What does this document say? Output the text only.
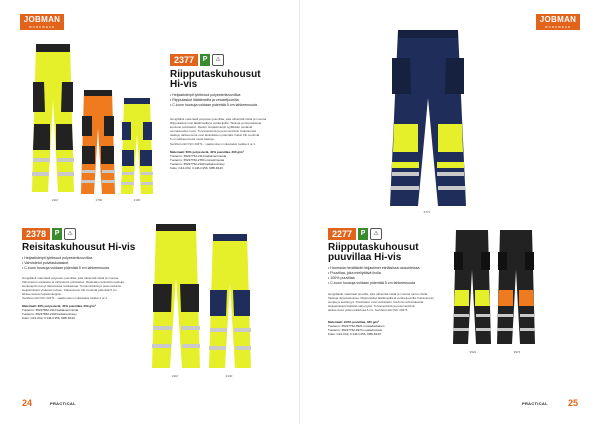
JOBMAN
WORKWEAR
2110	2780	2100
2377	P	⚠
Riipputaskuhousut
Hi-vis
• Heijastinteipit lyhtteoud polyesteriluvuvilloa
• Riipputaskut läätäimeilla ja vetoketjuonilla
• C-koon housuja voidaan pidentää 5 cm lahkeensuuta
Hengittävä materiaali polyester-puuvillaa, joka vähentää riskiä ja muotoa
Riipputaskut ovat läätäimeillä ja vetoketjuilla. Taskuja ja riipputaskuja
kuuluvat polvitaskut. Reidet. Heijastinteipit tyylikkään pestävät
ominaisuudet myös. Turvamerkintä ja pesumerkintä. Kaksoisreisi
taskuja, lahkeensuut ovat taskukäsien pidentää. Kaksi CE merkintä
5 cm lahkeensuuta muita taskuja.
Sertifioitu EN ISO 20471 - vaatimusten mukaiseksi luokka 2 ja 1.
Materiaali: 60% polyesteriä, 40% puuvillaa, 260 g/m²
Tuotenro: 65237762-2110 keltainen/musta
Tuotenro: 65237762-2780 oranssi/musta
Tuotenro: 65237762-2100 keltainen/navy
Koko: C44-C62, C146-C156, D88-D120
2378	P	⚠
Reisitaskuhousut Hi-vis
• Heijastinteipit lyhtteoud polyesteriluvuvilloa
• Vahvistetut polvitaskutasket
• C-koon housuja voidaan pidentää 5 cm lahkeensuuta
Hengittävä materiaali polyester-puuvillaa, joka vähentää riskiä ja muotoa
Vahvistetut reisitaskut ja vahvistetut polvitaskut. Reidetaku tarkoitettu taskuja,
kuuluvapolvi kevyt taksuitossa reisitaskuja. Turvamerkintä ja pesumerkintä.
Heijastinteipit yhdessä polvien. Kaksoisreisi CE merkintä pidentää 5 cm
lahkeensuuta heijastinteippiä.
Sertifioitu EN ISO 20471 - vaatimusten mukaiseksi luokka 2 ja 1.
Materiaali: 60% polyesteriä, 40% puuvillaa, 260 g/m²
Tuotenro: 65237862-2110 keltainen/musta
Tuotenro: 65237862-2100 keltainen/navy
Koko: C44-C62, C146-C156, D88-D120
2110	2100
24	PRACTICAL
JOBMAN
WORKWEAR
6771
2277	P	⚠
Riipputaskuhousut
puuvillaa Hi-vis
• Huomiota herättävät heijastimet eteläisissä olosuhteissa
• Puuvillaa, joka miellyttävä iholla
• 100% puuvillaa
• C-koon housuja voidaan pidentää 5 cm lahkeensuuta
Hengittävät materiaali puuvilla, joka vähentää riskiä ja muotoa tuntuu iholla.
Taskuja riipputaskuissa. Riipputaskut läätäimeillä ja vetoketjuonilla. Kaksoisreisi
suojaa ja kestävyys. Polvitaskut ovat vahvistettu Cordura-vahvistuksella.
Heijastinteipit lisäävät näkyvyyttä. Turvamerkintä ja pesumerkintä
lahkeensuut pidennettävissä 5 cm. Sertifioitu EN ISO 20471.
Materiaali: 100% puuvillaa, 330 g/m²
Tuotenro: 65227762-9921 musta/keltainen
Tuotenro: 65227762-9974 musta/oranssi
Koko: C44-C62, C146-C156, D88-D120
9921	9974
PRACTICAL 25
